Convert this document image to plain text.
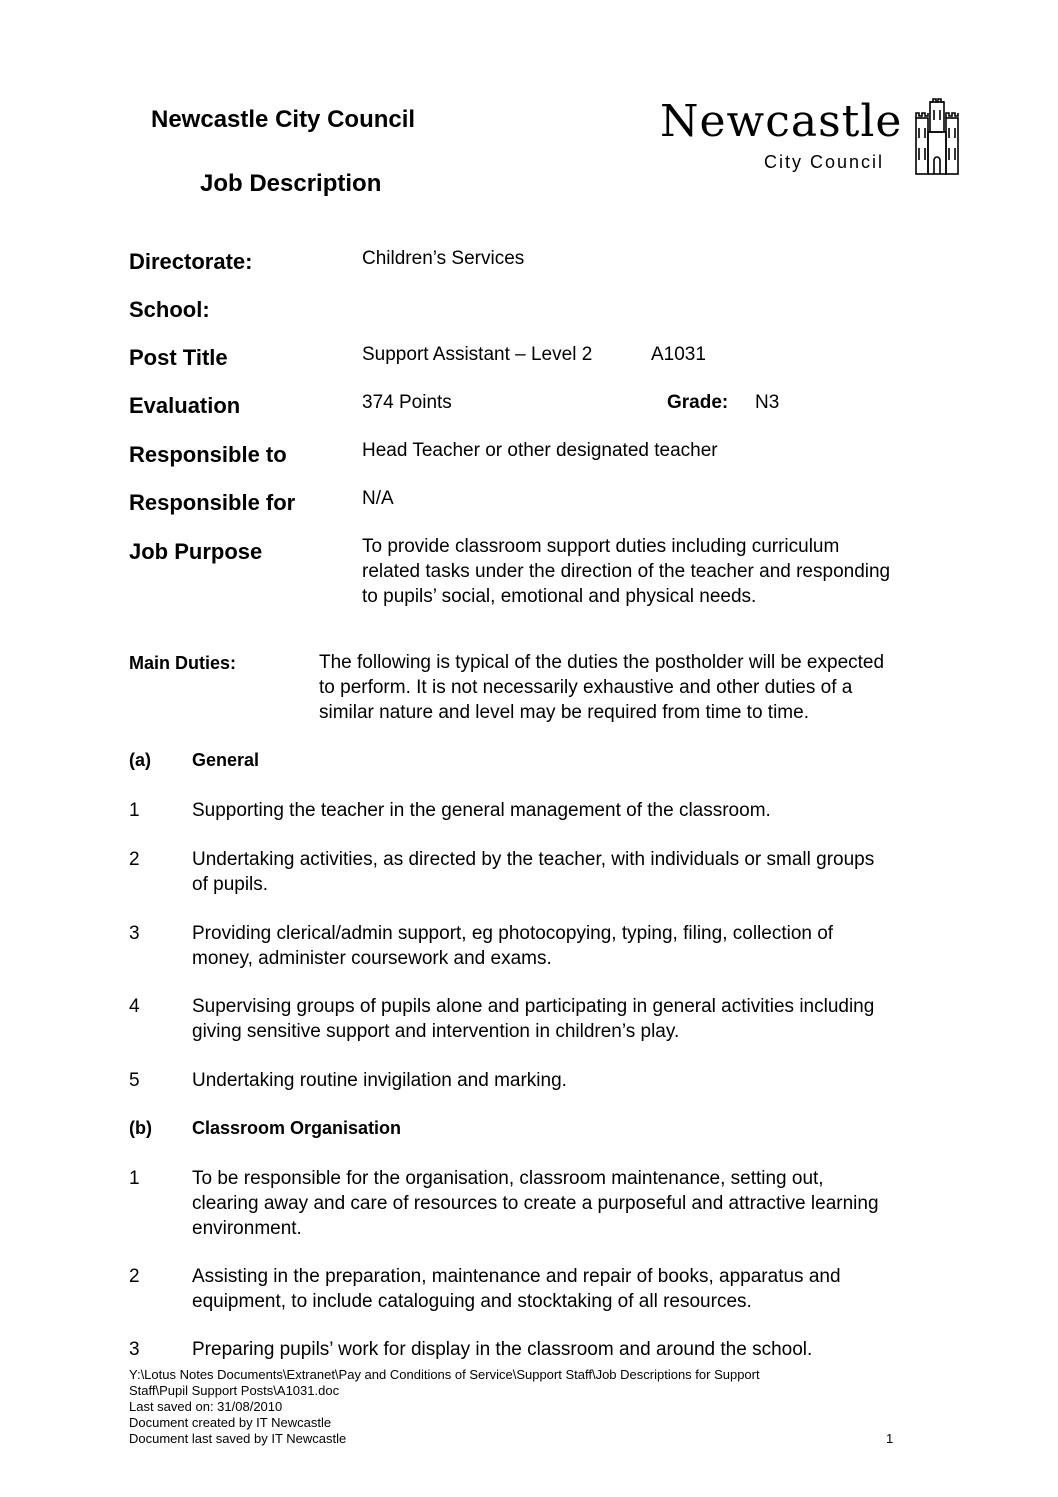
Newcastle City Council
Job Description
Newcastle
City Council
Directorate:	Children’s Services
School:
Post Title	Support Assistant – Level 2	A1031
Evaluation	374 Points	Grade: N3
Responsible to	Head Teacher or other designated teacher
Responsible for	N/A
Job Purpose	To provide classroom support duties including curriculum
related tasks under the direction of the teacher and responding
to pupils’ social, emotional and physical needs.
Main Duties:	The following is typical of the duties the postholder will be expected
to perform. It is not necessarily exhaustive and other duties of a
similar nature and level may be required from time to time.
(a) General
1	Supporting the teacher in the general management of the classroom.
2	Undertaking activities, as directed by the teacher, with individuals or small groups
of pupils.
3	Providing clerical/admin support, eg photocopying, typing, filing, collection of
money, administer coursework and exams.
4	Supervising groups of pupils alone and participating in general activities including
giving sensitive support and intervention in children’s play.
5	Undertaking routine invigilation and marking.
(b) Classroom Organisation
1	To be responsible for the organisation, classroom maintenance, setting out,
clearing away and care of resources to create a purposeful and attractive learning
environment.
2	Assisting in the preparation, maintenance and repair of books, apparatus and
equipment, to include cataloguing and stocktaking of all resources.
3	Preparing pupils’ work for display in the classroom and around the school.
Y:\Lotus Notes Documents\Extranet\Pay and Conditions of Service\Support Staff\Job Descriptions for Support
Staff\Pupil Support Posts\A1031.doc
Last saved on: 31/08/2010
Document created by IT Newcastle
Document last saved by IT Newcastle	1
